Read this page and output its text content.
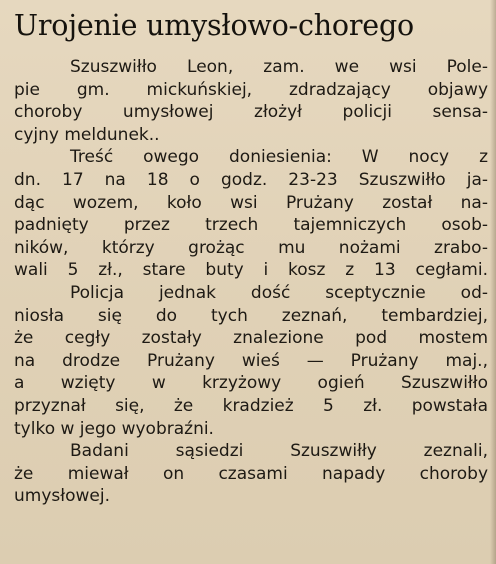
Urojenie umysłowo-chorego
Szuszwiłło Leon, zam. we wsi Pole-
pie gm. mickuńskiej, zdradzający objawy
choroby umysłowej złożył policji sensa-
cyjny meldunek..
Treść owego doniesienia: W nocy z
dn. 17 na 18 o godz. 23-23 Szuszwiłło ja-
dąc wozem, koło wsi Prużany został na-
padnięty przez trzech tajemniczych osob-
ników, którzy grożąc mu nożami zrabo-
wali 5 zł., stare buty i kosz z 13 cegłami.
Policja jednak dość sceptycznie od-
niosła się do tych zeznań, tembardziej,
że cegły zostały znalezione pod mostem
na drodze Prużany wieś — Prużany maj.,
a wzięty w krzyżowy ogień Szuszwiłło
przyznał się, że kradzież 5 zł. powstała
tylko w jego wyobraźni.
Badani sąsiedzi Szuszwiłły zeznali,
że miewał on czasami napady choroby
umysłowej.
